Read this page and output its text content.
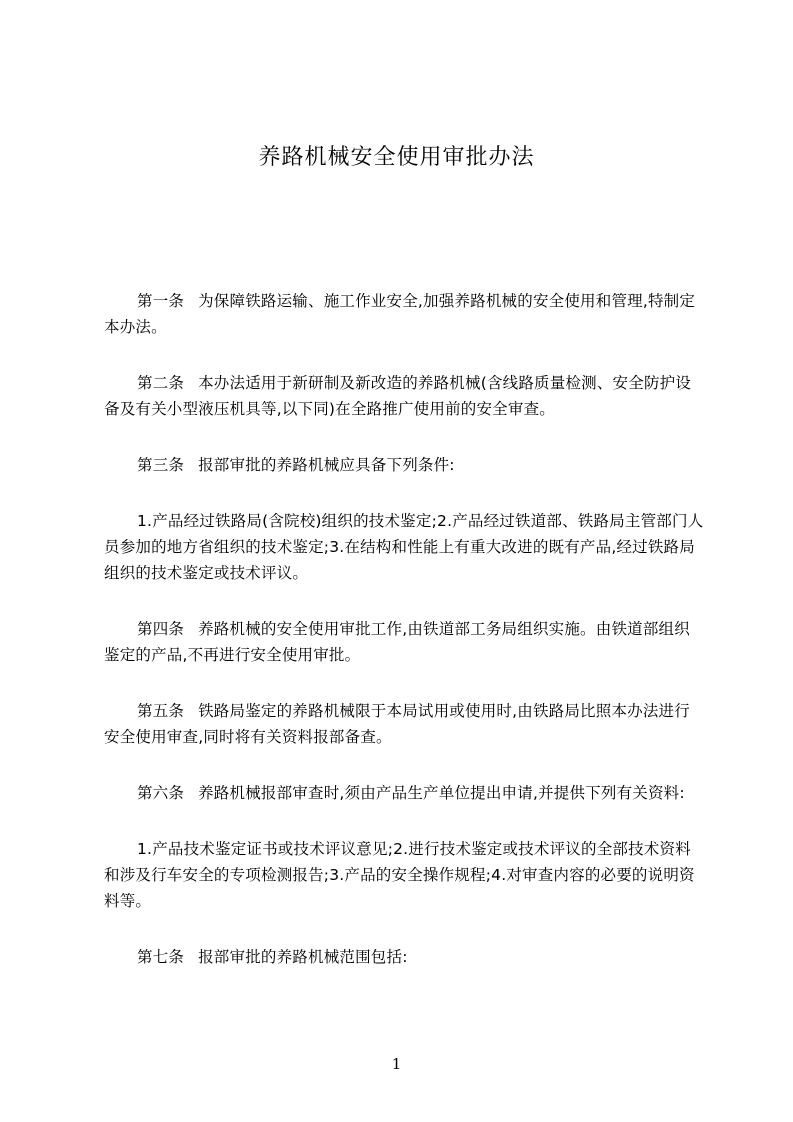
养路机械安全使用审批办法

第一条 为保障铁路运输、施工作业安全,加强养路机械的安全使用和管理,特制定本办法。

第二条 本办法适用于新研制及新改造的养路机械(含线路质量检测、安全防护设备及有关小型液压机具等,以下同)在全路推广使用前的安全审查。

第三条 报部审批的养路机械应具备下列条件:

1.产品经过铁路局(含院校)组织的技术鉴定;2.产品经过铁道部、铁路局主管部门人员参加的地方省组织的技术鉴定;3.在结构和性能上有重大改进的既有产品,经过铁路局组织的技术鉴定或技术评议。

第四条 养路机械的安全使用审批工作,由铁道部工务局组织实施。由铁道部组织鉴定的产品,不再进行安全使用审批。

第五条 铁路局鉴定的养路机械限于本局试用或使用时,由铁路局比照本办法进行安全使用审查,同时将有关资料报部备查。

第六条 养路机械报部审查时,须由产品生产单位提出申请,并提供下列有关资料:

1.产品技术鉴定证书或技术评议意见;2.进行技术鉴定或技术评议的全部技术资料和涉及行车安全的专项检测报告;3.产品的安全操作规程;4.对审查内容的必要的说明资料等。

第七条 报部审批的养路机械范围包括:

1
